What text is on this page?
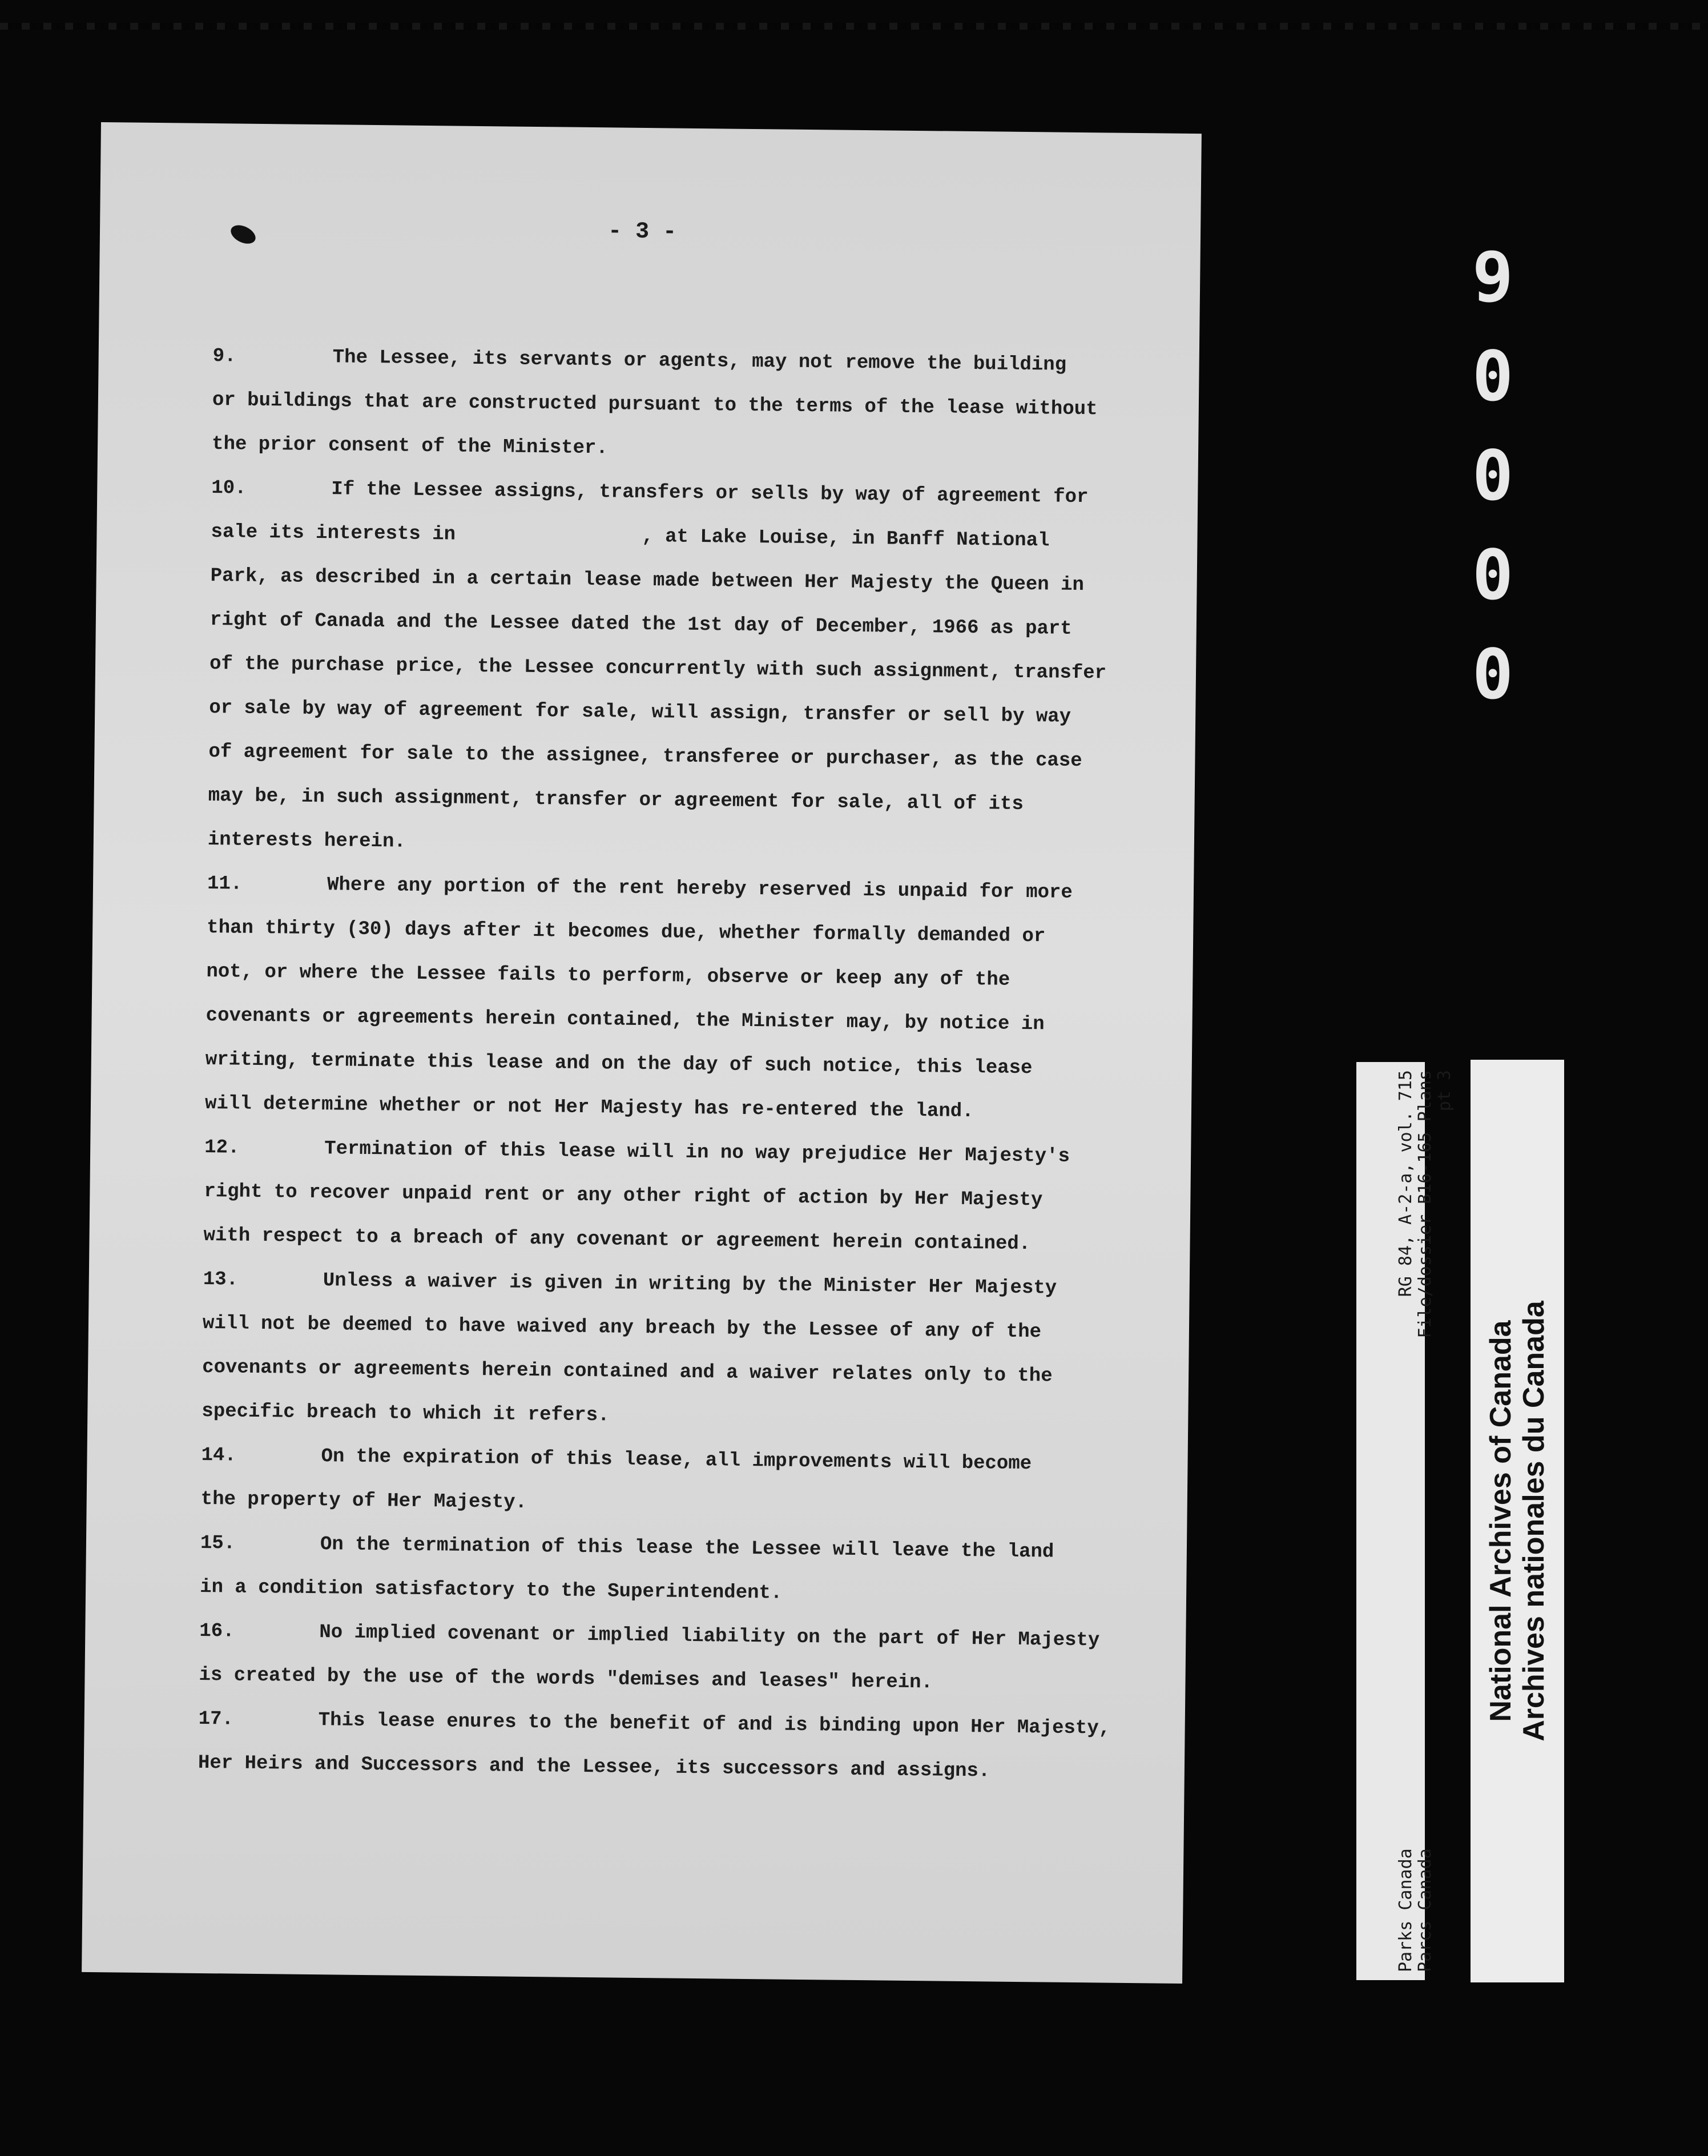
- 3 -
9.	The Lessee, its servants or agents, may not remove the building
or buildings that are constructed pursuant to the terms of the lease without
the prior consent of the Minister.
10.	If the Lessee assigns, transfers or sells by way of agreement for
sale its interests in                , at Lake Louise, in Banff National
Park, as described in a certain lease made between Her Majesty the Queen in
right of Canada and the Lessee dated the 1st day of December, 1966 as part
of the purchase price, the Lessee concurrently with such assignment, transfer
or sale by way of agreement for sale, will assign, transfer or sell by way
of agreement for sale to the assignee, transferee or purchaser, as the case
may be, in such assignment, transfer or agreement for sale, all of its
interests herein.
11.	Where any portion of the rent hereby reserved is unpaid for more
than thirty (30) days after it becomes due, whether formally demanded or
not, or where the Lessee fails to perform, observe or keep any of the
covenants or agreements herein contained, the Minister may, by notice in
writing, terminate this lease and on the day of such notice, this lease
will determine whether or not Her Majesty has re-entered the land.
12.	Termination of this lease will in no way prejudice Her Majesty's
right to recover unpaid rent or any other right of action by Her Majesty
with respect to a breach of any covenant or agreement herein contained.
13.	Unless a waiver is given in writing by the Minister Her Majesty
will not be deemed to have waived any breach by the Lessee of any of the
covenants or agreements herein contained and a waiver relates only to the
specific breach to which it refers.
14.	On the expiration of this lease, all improvements will become
the property of Her Majesty.
15.	On the termination of this lease the Lessee will leave the land
in a condition satisfactory to the Superintendent.
16.	No implied covenant or implied liability on the part of Her Majesty
is created by the use of the words "demises and leases" herein.
17.	This lease enures to the benefit of and is binding upon Her Majesty,
Her Heirs and Successors and the Lessee, its successors and assigns.
9
0
0
0
0
RG 84, A-2-a, vol. 715 File/dossier B16-165 Plans pt 3
Parks Canada Parcs Canada
National Archives of Canada Archives nationales du Canada
